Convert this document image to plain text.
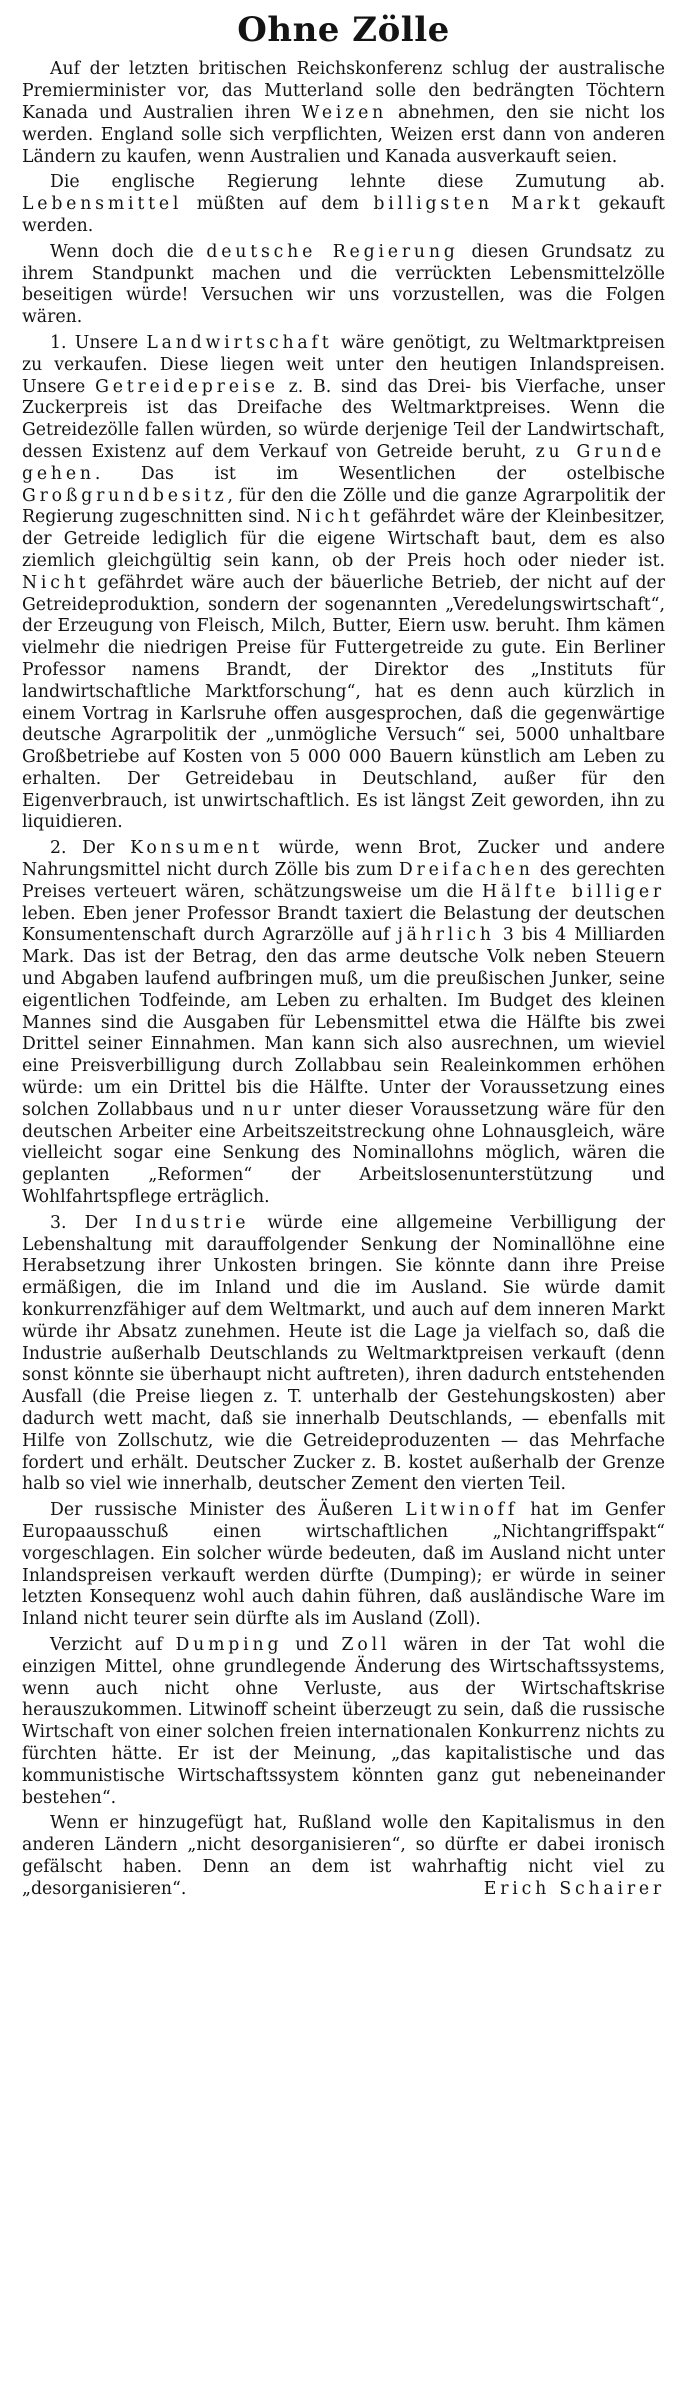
Ohne Zölle

Auf der letzten britischen Reichskonferenz schlug der australische Premierminister vor, das Mutterland solle den bedrängten Töchtern Kanada und Australien ihren Weizen abnehmen, den sie nicht los werden. England solle sich verpflichten, Weizen erst dann von anderen Ländern zu kaufen, wenn Australien und Kanada ausverkauft seien.

Die englische Regierung lehnte diese Zumutung ab. Lebensmittel müßten auf dem billigsten Markt gekauft werden.

Wenn doch die deutsche Regierung diesen Grundsatz zu ihrem Standpunkt machen und die verrückten Lebensmittelzölle beseitigen würde! Versuchen wir uns vorzustellen, was die Folgen wären.

1. Unsere Landwirtschaft wäre genötigt, zu Weltmarktpreisen zu verkaufen. Diese liegen weit unter den heutigen Inlandspreisen. Unsere Getreidepreise z. B. sind das Drei- bis Vierfache, unser Zuckerpreis ist das Dreifache des Weltmarktpreises. Wenn die Getreidezölle fallen würden, so würde derjenige Teil der Landwirtschaft, dessen Existenz auf dem Verkauf von Getreide beruht, zu Grunde gehen. Das ist im Wesentlichen der ostelbische Großgrundbesitz, für den die Zölle und die ganze Agrarpolitik der Regierung zugeschnitten sind. Nicht gefährdet wäre der Kleinbesitzer, der Getreide lediglich für die eigene Wirtschaft baut, dem es also ziemlich gleichgültig sein kann, ob der Preis hoch oder nieder ist. Nicht gefährdet wäre auch der bäuerliche Betrieb, der nicht auf der Getreideproduktion, sondern der sogenannten „Veredelungswirtschaft“, der Erzeugung von Fleisch, Milch, Butter, Eiern usw. beruht. Ihm kämen vielmehr die niedrigen Preise für Futtergetreide zu gute. Ein Berliner Professor namens Brandt, der Direktor des „Instituts für landwirtschaftliche Marktforschung“, hat es denn auch kürzlich in einem Vortrag in Karlsruhe offen ausgesprochen, daß die gegenwärtige deutsche Agrarpolitik der „unmögliche Versuch“ sei, 5000 unhaltbare Großbetriebe auf Kosten von 5 000 000 Bauern künstlich am Leben zu erhalten. Der Getreidebau in Deutschland, außer für den Eigenverbrauch, ist unwirtschaftlich. Es ist längst Zeit geworden, ihn zu liquidieren.

2. Der Konsument würde, wenn Brot, Zucker und andere Nahrungsmittel nicht durch Zölle bis zum Dreifachen des gerechten Preises verteuert wären, schätzungsweise um die Hälfte billiger leben. Eben jener Professor Brandt taxiert die Belastung der deutschen Konsumentenschaft durch Agrarzölle auf jährlich 3 bis 4 Milliarden Mark. Das ist der Betrag, den das arme deutsche Volk neben Steuern und Abgaben laufend aufbringen muß, um die preußischen Junker, seine eigentlichen Todfeinde, am Leben zu erhalten. Im Budget des kleinen Mannes sind die Ausgaben für Lebensmittel etwa die Hälfte bis zwei Drittel seiner Einnahmen. Man kann sich also ausrechnen, um wieviel eine Preisverbilligung durch Zollabbau sein Realeinkommen erhöhen würde: um ein Drittel bis die Hälfte. Unter der Voraussetzung eines solchen Zollabbaus und nur unter dieser Voraussetzung wäre für den deutschen Arbeiter eine Arbeitszeitstreckung ohne Lohnausgleich, wäre vielleicht sogar eine Senkung des Nominallohns möglich, wären die geplanten „Reformen“ der Arbeitslosenunterstützung und Wohlfahrtspflege erträglich.

3. Der Industrie würde eine allgemeine Verbilligung der Lebenshaltung mit darauffolgender Senkung der Nominallöhne eine Herabsetzung ihrer Unkosten bringen. Sie könnte dann ihre Preise ermäßigen, die im Inland und die im Ausland. Sie würde damit konkurrenzfähiger auf dem Weltmarkt, und auch auf dem inneren Markt würde ihr Absatz zunehmen. Heute ist die Lage ja vielfach so, daß die Industrie außerhalb Deutschlands zu Weltmarktpreisen verkauft (denn sonst könnte sie überhaupt nicht auftreten), ihren dadurch entstehenden Ausfall (die Preise liegen z. T. unterhalb der Gestehungskosten) aber dadurch wett macht, daß sie innerhalb Deutschlands, — ebenfalls mit Hilfe von Zollschutz, wie die Getreideproduzenten — das Mehrfache fordert und erhält. Deutscher Zucker z. B. kostet außerhalb der Grenze halb so viel wie innerhalb, deutscher Zement den vierten Teil.

Der russische Minister des Äußeren Litwinoff hat im Genfer Europaausschuß einen wirtschaftlichen „Nichtangriffspakt“ vorgeschlagen. Ein solcher würde bedeuten, daß im Ausland nicht unter Inlandspreisen verkauft werden dürfte (Dumping); er würde in seiner letzten Konsequenz wohl auch dahin führen, daß ausländische Ware im Inland nicht teurer sein dürfte als im Ausland (Zoll).

Verzicht auf Dumping und Zoll wären in der Tat wohl die einzigen Mittel, ohne grundlegende Änderung des Wirtschaftssystems, wenn auch nicht ohne Verluste, aus der Wirtschaftskrise herauszukommen. Litwinoff scheint überzeugt zu sein, daß die russische Wirtschaft von einer solchen freien internationalen Konkurrenz nichts zu fürchten hätte. Er ist der Meinung, „das kapitalistische und das kommunistische Wirtschaftssystem könnten ganz gut nebeneinander bestehen“.

Wenn er hinzugefügt hat, Rußland wolle den Kapitalismus in den anderen Ländern „nicht desorganisieren“, so dürfte er dabei ironisch gefälscht haben. Denn an dem ist wahrhaftig nicht viel zu „desorganisieren“.	Erich Schairer
